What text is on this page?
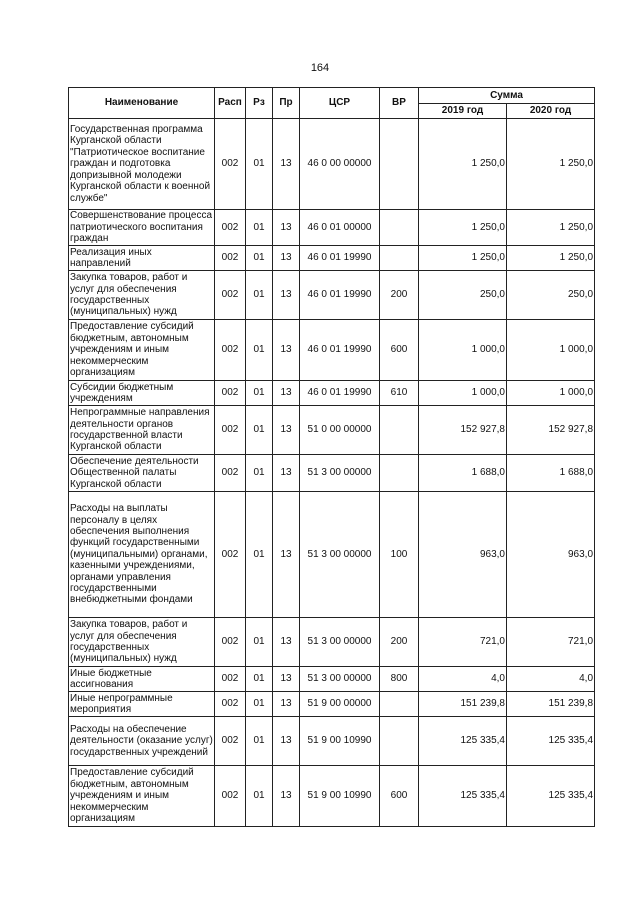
164
Наименование	Расп	Рз	Пр	ЦСР	ВР	Сумма	
						2019 год	2020 год
Государственная программа Курганской области "Патриотическое воспитание граждан и подготовка допризывной молодежи Курганской области к военной службе"	002	01	13	46 0 00 00000		1 250,0	1 250,0
Совершенствование процесса патриотического воспитания граждан	002	01	13	46 0 01 00000		1 250,0	1 250,0
Реализация иных направлений	002	01	13	46 0 01 19990		1 250,0	1 250,0
Закупка товаров, работ и услуг для обеспечения государственных (муниципальных) нужд	002	01	13	46 0 01 19990	200	250,0	250,0
Предоставление субсидий бюджетным, автономным учреждениям и иным некоммерческим организациям	002	01	13	46 0 01 19990	600	1 000,0	1 000,0
Субсидии бюджетным учреждениям	002	01	13	46 0 01 19990	610	1 000,0	1 000,0
Непрограммные направления деятельности органов государственной власти Курганской области	002	01	13	51 0 00 00000		152 927,8	152 927,8
Обеспечение деятельности Общественной палаты Курганской области	002	01	13	51 3 00 00000		1 688,0	1 688,0
Расходы на выплаты персоналу в целях обеспечения выполнения функций государственными (муниципальными) органами, казенными учреждениями, органами управления государственными внебюджетными фондами	002	01	13	51 3 00 00000	100	963,0	963,0
Закупка товаров, работ и услуг для обеспечения государственных (муниципальных) нужд	002	01	13	51 3 00 00000	200	721,0	721,0
Иные бюджетные ассигнования	002	01	13	51 3 00 00000	800	4,0	4,0
Иные непрограммные мероприятия	002	01	13	51 9 00 00000		151 239,8	151 239,8
Расходы на обеспечение деятельности (оказание услуг) государственных учреждений	002	01	13	51 9 00 10990		125 335,4	125 335,4
Предоставление субсидий бюджетным, автономным учреждениям и иным некоммерческим организациям	002	01	13	51 9 00 10990	600	125 335,4	125 335,4
